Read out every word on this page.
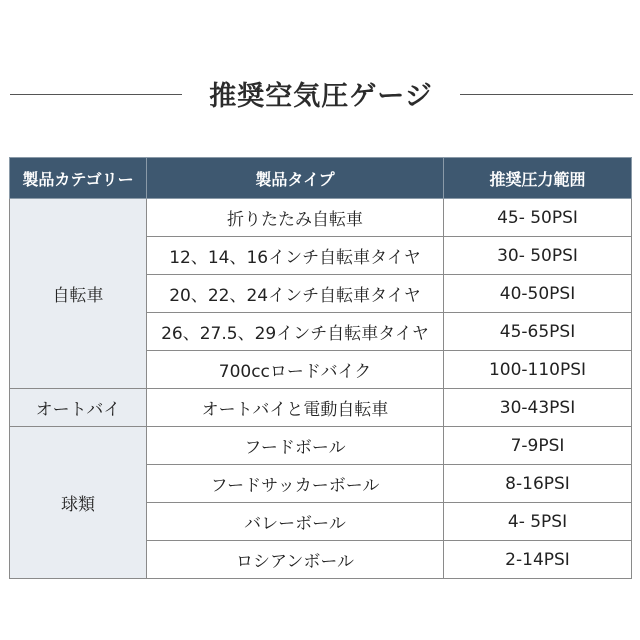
推奨空気圧ゲージ
製品カテゴリー	製品タイプ	推奨圧力範囲
自転車	折りたたみ自転車	45- 50PSI
	12、14、16インチ自転車タイヤ	30- 50PSI
	20、22、24インチ自転車タイヤ	40-50PSI
	26、27.5、29インチ自転車タイヤ	45-65PSI
	700ccロードバイク	100-110PSI
オートバイ	オートバイと電動自転車	30-43PSI
球類	フードボール	7-9PSI
	フードサッカーボール	8-16PSI
	バレーボール	4- 5PSI
	ロシアンボール	2-14PSI
